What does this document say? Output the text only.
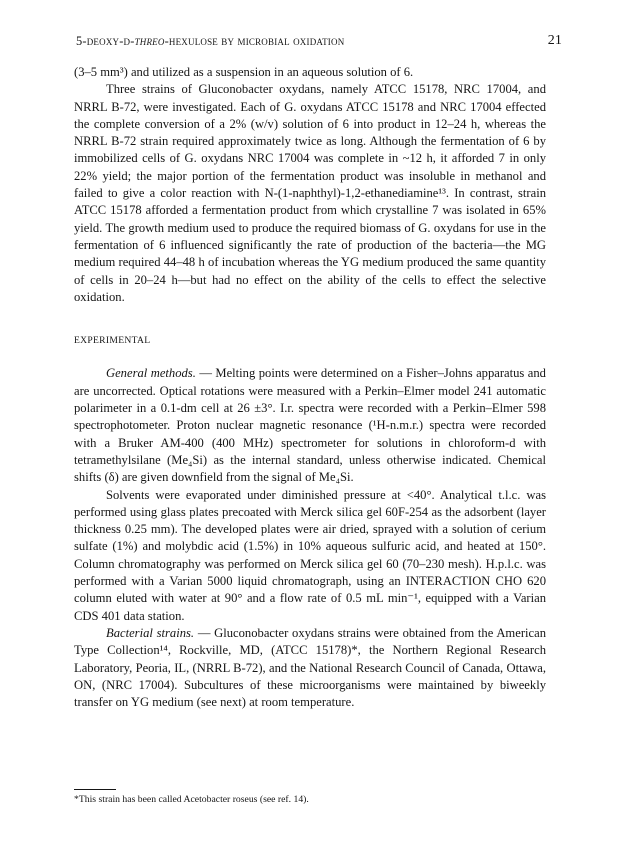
5-deoxy-d-threo-hexulose by microbial oxidation	21

(3–5 mm³) and utilized as a suspension in an aqueous solution of 6.

Three strains of Gluconobacter oxydans, namely ATCC 15178, NRC 17004, and NRRL B-72, were investigated. Each of G. oxydans ATCC 15178 and NRC 17004 effected the complete conversion of a 2% (w/v) solution of 6 into product in 12–24 h, whereas the NRRL B-72 strain required approximately twice as long. Although the fermentation of 6 by immobilized cells of G. oxydans NRC 17004 was complete in ~12 h, it afforded 7 in only 22% yield; the major portion of the fermentation product was insoluble in methanol and failed to give a color reaction with N-(1-naphthyl)-1,2-ethanediamine¹³. In contrast, strain ATCC 15178 afforded a fermentation product from which crystalline 7 was isolated in 65% yield. The growth medium used to produce the required biomass of G. oxydans for use in the fermentation of 6 influenced significantly the rate of production of the bacteria—the MG medium required 44–48 h of incubation whereas the YG medium produced the same quantity of cells in 20–24 h—but had no effect on the ability of the cells to effect the selective oxidation.

EXPERIMENTAL

General methods. — Melting points were determined on a Fisher–Johns apparatus and are uncorrected. Optical rotations were measured with a Perkin–Elmer model 241 automatic polarimeter in a 0.1-dm cell at 26 ±3°. I.r. spectra were recorded with a Perkin–Elmer 598 spectrophotometer. Proton nuclear magnetic resonance (¹H-n.m.r.) spectra were recorded with a Bruker AM-400 (400 MHz) spectrometer for solutions in chloroform-d with tetramethylsilane (Me₄Si) as the internal standard, unless otherwise indicated. Chemical shifts (δ) are given downfield from the signal of Me₄Si.

Solvents were evaporated under diminished pressure at <40°. Analytical t.l.c. was performed using glass plates precoated with Merck silica gel 60F-254 as the adsorbent (layer thickness 0.25 mm). The developed plates were air dried, sprayed with a solution of cerium sulfate (1%) and molybdic acid (1.5%) in 10% aqueous sulfuric acid, and heated at 150°. Column chromatography was performed on Merck silica gel 60 (70–230 mesh). H.p.l.c. was performed with a Varian 5000 liquid chromatograph, using an INTERACTION CHO 620 column eluted with water at 90° and a flow rate of 0.5 mL min⁻¹, equipped with a Varian CDS 401 data station.

Bacterial strains. — Gluconobacter oxydans strains were obtained from the American Type Collection¹⁴, Rockville, MD, (ATCC 15178)*, the Northern Regional Research Laboratory, Peoria, IL, (NRRL B-72), and the National Research Council of Canada, Ottawa, ON, (NRC 17004). Subcultures of these microorganisms were maintained by biweekly transfer on YG medium (see next) at room temperature.

*This strain has been called Acetobacter roseus (see ref. 14).
